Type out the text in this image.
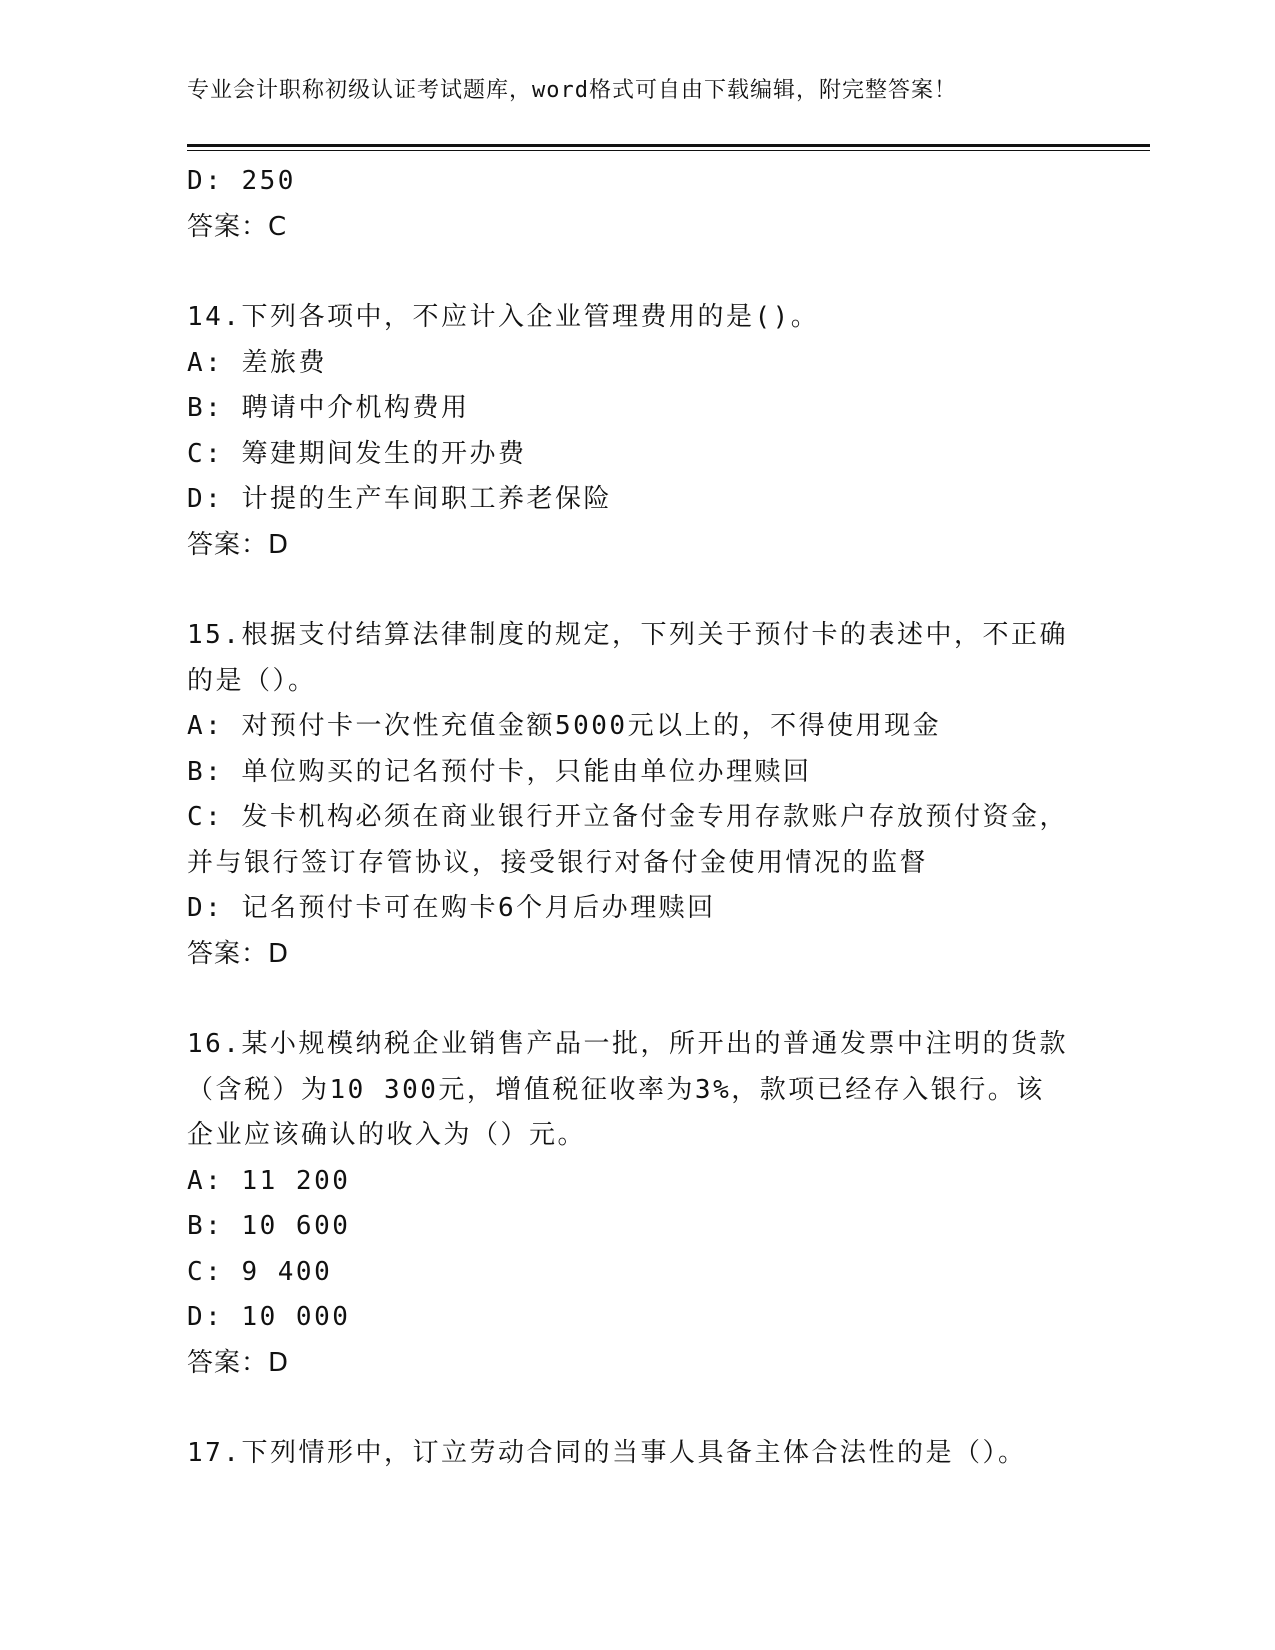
专业会计职称初级认证考试题库，word格式可自由下载编辑，附完整答案！
D: 250
答案：C
14.下列各项中，不应计入企业管理费用的是()。
A: 差旅费
B: 聘请中介机构费用
C: 筹建期间发生的开办费
D: 计提的生产车间职工养老保险
答案：D
15.根据支付结算法律制度的规定，下列关于预付卡的表述中，不正确
的是（）。
A: 对预付卡一次性充值金额5000元以上的，不得使用现金
B: 单位购买的记名预付卡，只能由单位办理赎回
C: 发卡机构必须在商业银行开立备付金专用存款账户存放预付资金，
并与银行签订存管协议，接受银行对备付金使用情况的监督
D: 记名预付卡可在购卡6个月后办理赎回
答案：D
16.某小规模纳税企业销售产品一批，所开出的普通发票中注明的货款
（含税）为10 300元，增值税征收率为3%，款项已经存入银行。该
企业应该确认的收入为（）元。
A: 11 200
B: 10 600
C: 9 400
D: 10 000
答案：D
17.下列情形中，订立劳动合同的当事人具备主体合法性的是（）。
